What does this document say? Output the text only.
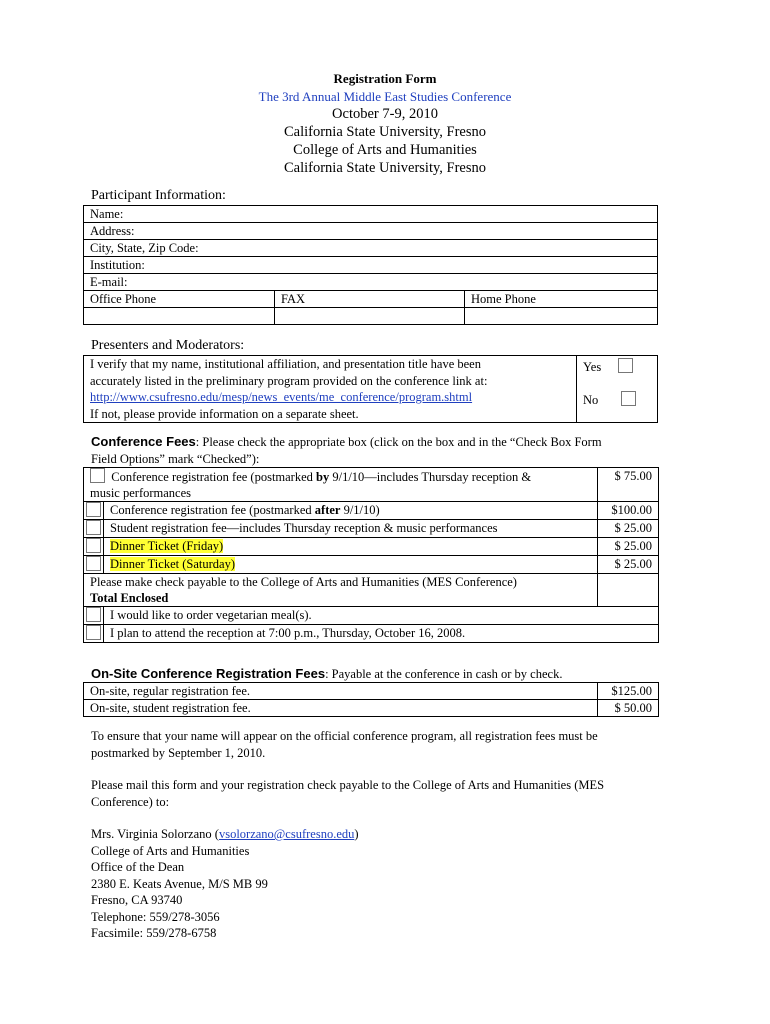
Registration Form
The 3rd Annual Middle East Studies Conference
October 7-9, 2010
California State University, Fresno
College of Arts and Humanities
California State University, Fresno
Participant Information:
Name:		
Address:		
City, State, Zip Code:		
Institution:		
E-mail:		
Office Phone	FAX	Home Phone

Presenters and Moderators:
I verify that my name, institutional affiliation, and presentation title have been
accurately listed in the preliminary program provided on the conference link at:
http://www.csufresno.edu/mesp/news_events/me_conference/program.shtml
If not, please provide information on a separate sheet.

Yes
No
Conference Fees: Please check the appropriate box (click on the box and in the “Check Box Form
Field Options” mark “Checked”):
Conference registration fee (postmarked by 9/1/10—includes Thursday reception &
music performances		$ 75.00
	Conference registration fee (postmarked after 9/1/10)	$100.00
	Student registration fee—includes Thursday reception & music performances	$ 25.00
	Dinner Ticket (Friday)	$ 25.00
	Dinner Ticket (Saturday)	$ 25.00
Please make check payable to the College of Arts and Humanities (MES Conference)
Total Enclosed		
	I would like to order vegetarian meal(s).	
	I plan to attend the reception at 7:00 p.m., Thursday, October 16, 2008.	
On-Site Conference Registration Fees: Payable at the conference in cash or by check.
On-site, regular registration fee.	$125.00
On-site, student registration fee.	$ 50.00
To ensure that your name will appear on the official conference program, all registration fees must be
postmarked by September 1, 2010.
Please mail this form and your registration check payable to the College of Arts and Humanities (MES
Conference) to:
Mrs. Virginia Solorzano (vsolorzano@csufresno.edu)
College of Arts and Humanities
Office of the Dean
2380 E. Keats Avenue, M/S MB 99
Fresno, CA 93740
Telephone: 559/278-3056
Facsimile: 559/278-6758
